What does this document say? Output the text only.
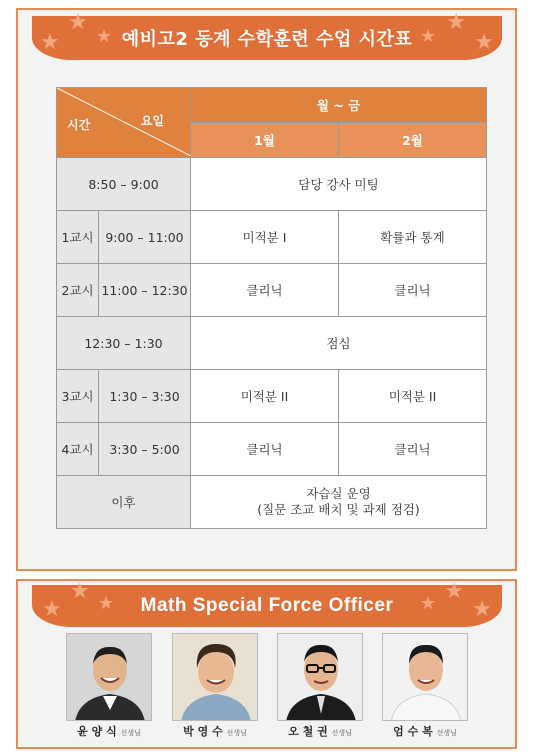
★
★
★ 예비고2 동계 수학훈련 수업 시간표 ★
★
★
요일
시간		월 ~ 금	
		1월	2월
8:50 – 9:00		담당 강사 미팅	
1교시	9:00 – 11:00	미적분 I	확률과 통계
2교시	11:00 – 12:30	클리닉	클리닉
12:30 – 1:30		점심	
3교시	1:30 – 3:30	미적분 II	미적분 II
4교시	3:30 – 5:00	클리닉	클리닉
이후		자습실 운영
(질문 조교 배치 및 과제 점검)	
★
★ ★	Math Special Force Officer	★ ★
★
윤 양 식 선생님	박 영 수 선생님	오 철 권 선생님	엄 수 복 선생님
